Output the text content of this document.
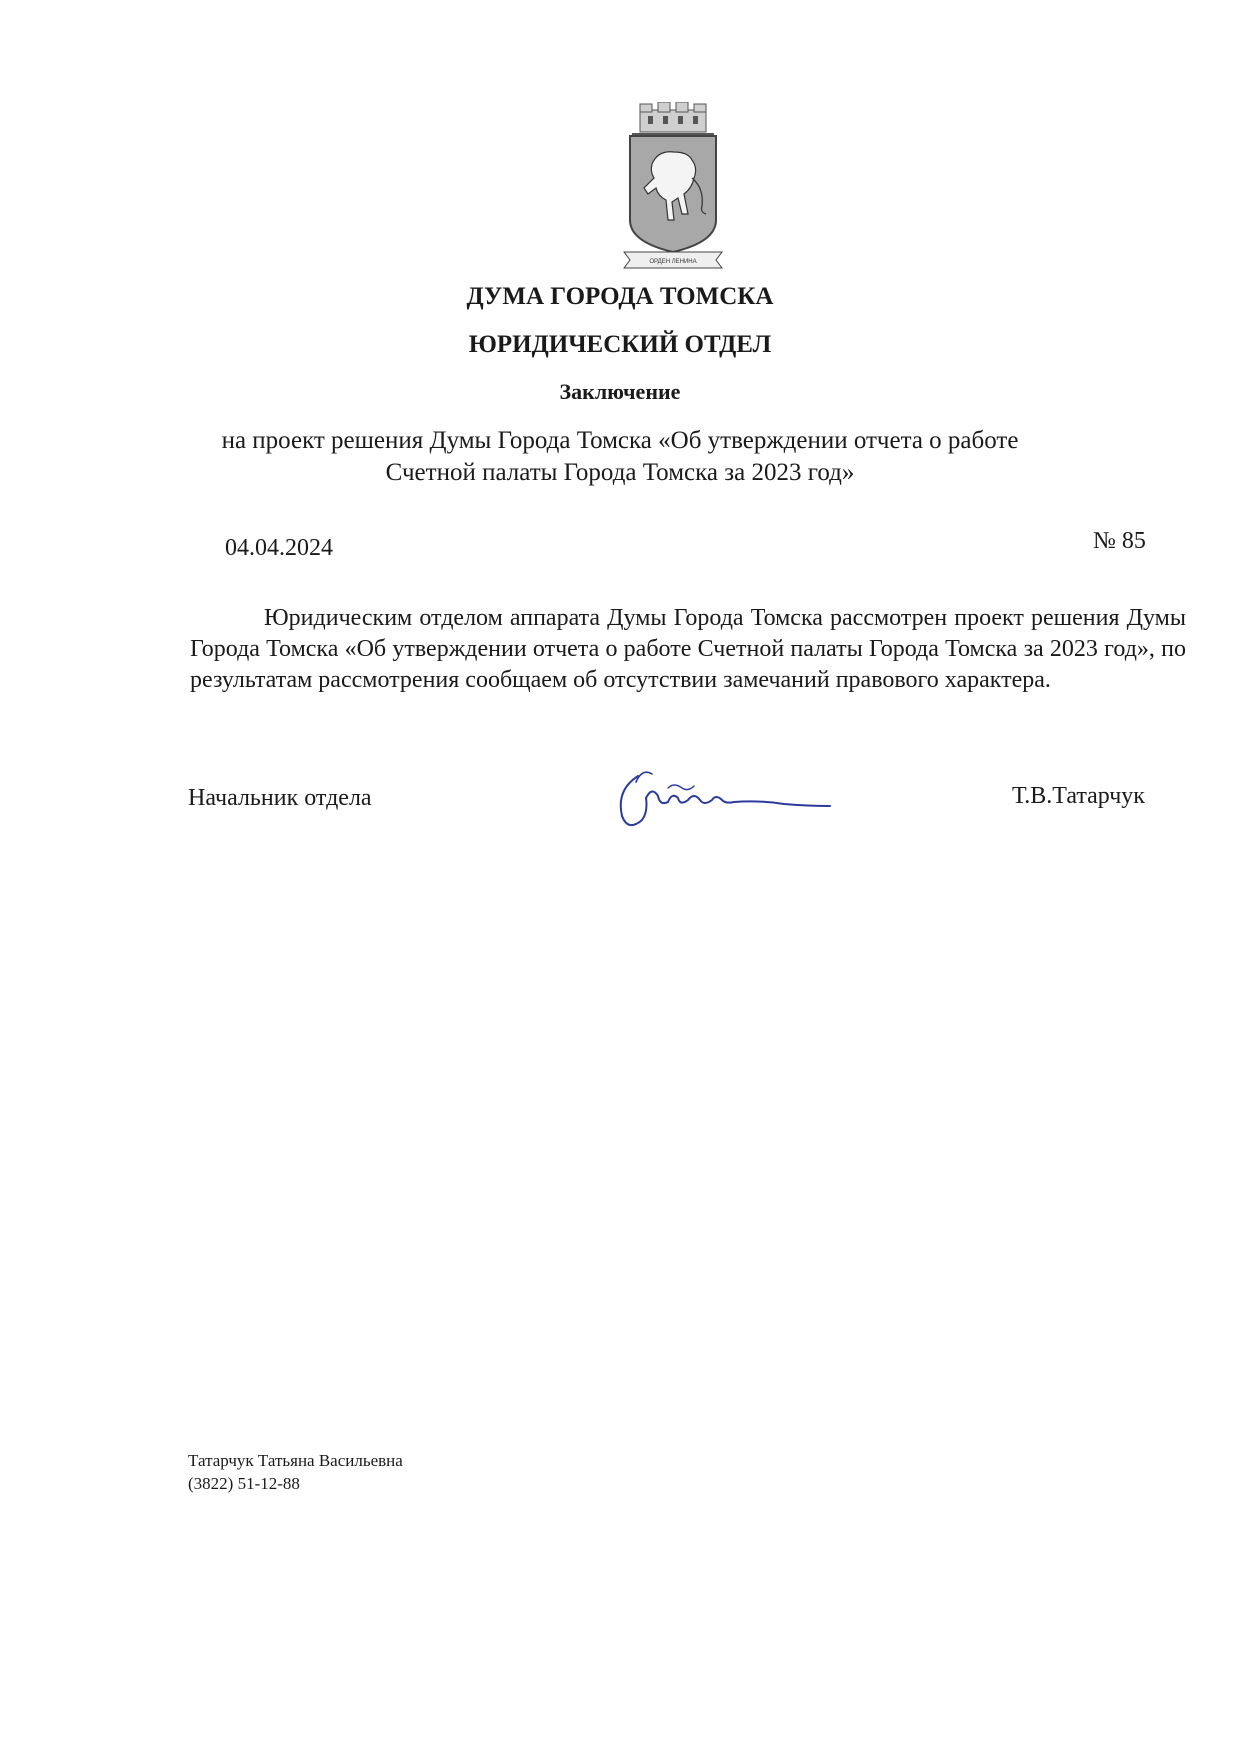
ОРДЕН ЛЕНИНА
ДУМА ГОРОДА ТОМСКА
ЮРИДИЧЕСКИЙ ОТДЕЛ
Заключение
на проект решения Думы Города Томска «Об утверждении отчета о работе
Счетной палаты Города Томска за 2023 год»
04.04.2024	№ 85

Юридическим отделом аппарата Думы Города Томска рассмотрен проект решения Думы Города Томска «Об утверждении отчета о работе Счетной палаты Города Томска за 2023 год», по результатам рассмотрения сообщаем об отсутствии замечаний правового характера.

Начальник отдела	Т.В.Татарчук
Татарчук Татьяна Васильевна
(3822) 51-12-88
